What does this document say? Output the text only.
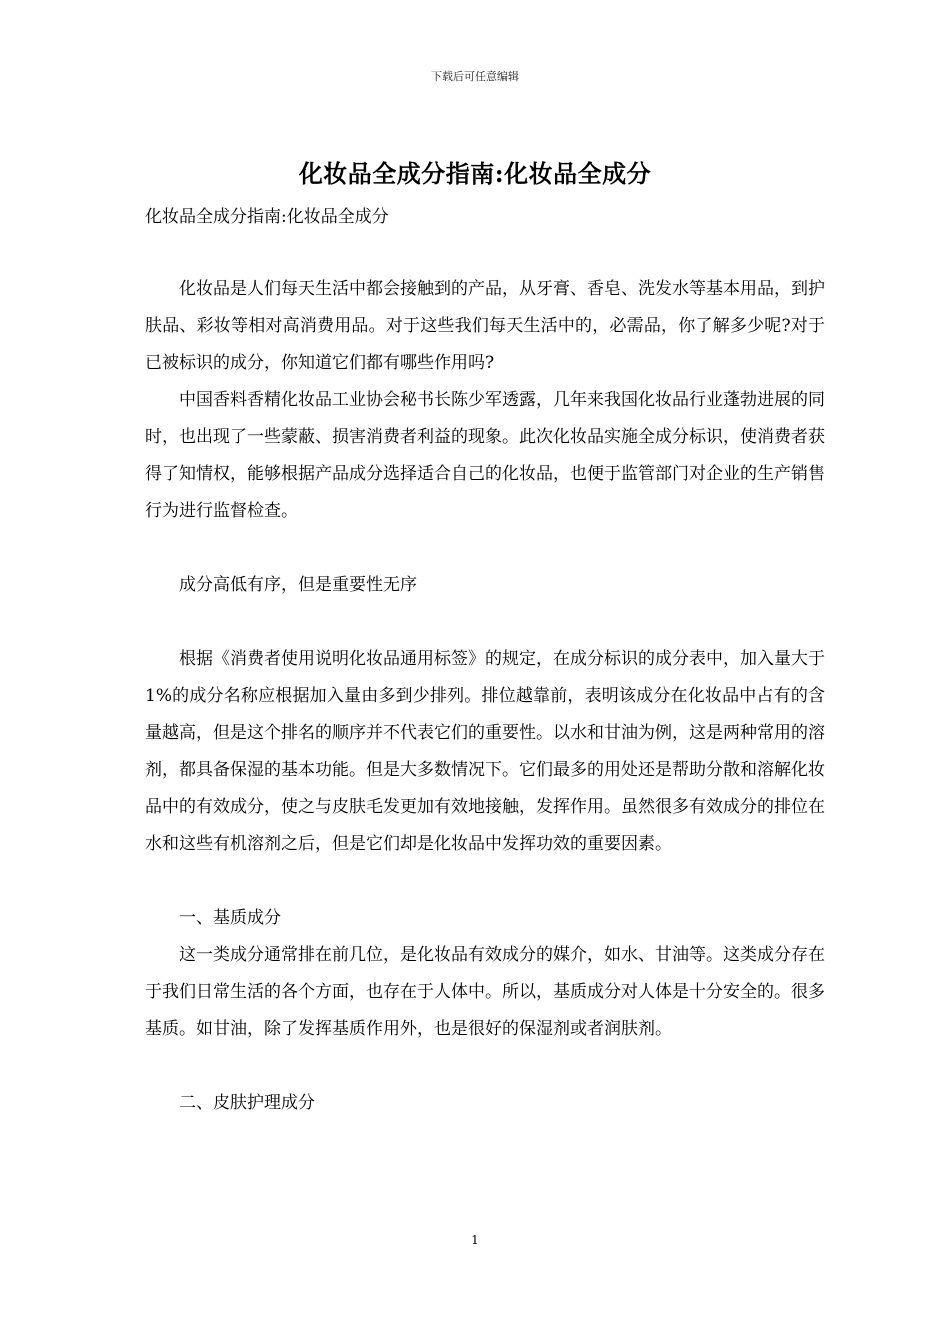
下载后可任意编辑
化妆品全成分指南:化妆品全成分
化妆品全成分指南:化妆品全成分

化妆品是人们每天生活中都会接触到的产品，从牙膏、香皂、洗发水等基本用品，到护肤品、彩妆等相对高消费用品。对于这些我们每天生活中的，必需品，你了解多少呢?对于已被标识的成分，你知道它们都有哪些作用吗?

中国香料香精化妆品工业协会秘书长陈少军透露，几年来我国化妆品行业蓬勃进展的同时，也出现了一些蒙蔽、损害消费者利益的现象。此次化妆品实施全成分标识，使消费者获得了知情权，能够根据产品成分选择适合自己的化妆品，也便于监管部门对企业的生产销售行为进行监督检查。

成分高低有序，但是重要性无序

根据《消费者使用说明化妆品通用标签》的规定，在成分标识的成分表中，加入量大于 1%的成分名称应根据加入量由多到少排列。排位越靠前，表明该成分在化妆品中占有的含量越高，但是这个排名的顺序并不代表它们的重要性。以水和甘油为例，这是两种常用的溶剂，都具备保湿的基本功能。但是大多数情况下。它们最多的用处还是帮助分散和溶解化妆品中的有效成分，使之与皮肤毛发更加有效地接触，发挥作用。虽然很多有效成分的排位在水和这些有机溶剂之后，但是它们却是化妆品中发挥功效的重要因素。

一、基质成分

这一类成分通常排在前几位，是化妆品有效成分的媒介，如水、甘油等。这类成分存在于我们日常生活的各个方面，也存在于人体中。所以，基质成分对人体是十分安全的。很多基质。如甘油，除了发挥基质作用外，也是很好的保湿剂或者润肤剂。

二、皮肤护理成分

1
